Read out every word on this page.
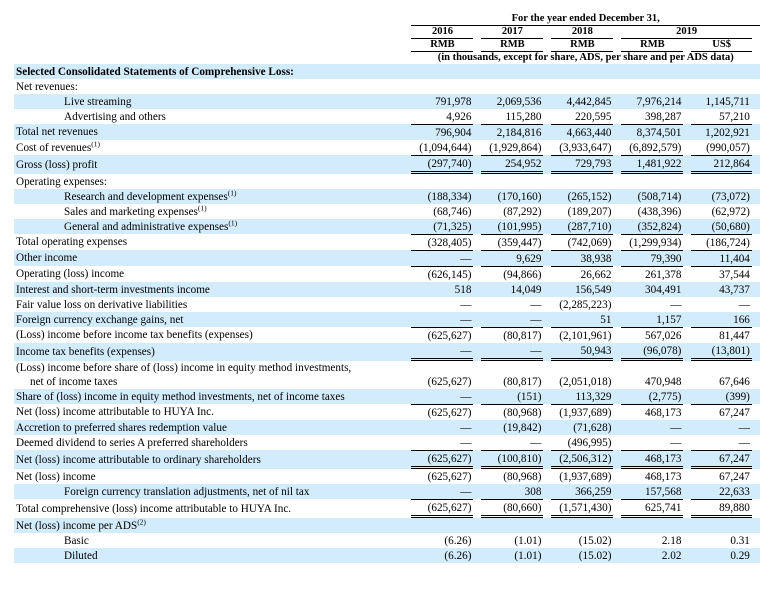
	For the year ended December 31,									
	2016		2017		2018		2019			
	RMB		RMB		RMB		RMB		US$	
	(in thousands, except for share, ADS, per share and per ADS data)									
Selected Consolidated Statements of Comprehensive Loss:										
Net revenues:										
Live streaming	791,978		2,069,536		4,442,845		7,976,214		1,145,711	
Advertising and others	4,926		115,280		220,595		398,287		57,210	
Total net revenues	796,904		2,184,816		4,663,440		8,374,501		1,202,921	
Cost of revenues$^{(1)}$	(1,094,644)		(1,929,864)		(3,933,647)		(6,892,579)		(990,057)	
Gross (loss) profit	(297,740)		254,952		729,793		1,481,922		212,864	
Operating expenses:										
Research and development expenses$^{(1)}$	(188,334)		(170,160)		(265,152)		(508,714)		(73,072)	
Sales and marketing expenses$^{(1)}$	(68,746)		(87,292)		(189,207)		(438,396)		(62,972)	
General and administrative expenses$^{(1)}$	(71,325)		(101,995)		(287,710)		(352,824)		(50,680)	
Total operating expenses	(328,405)		(359,447)		(742,069)		(1,299,934)		(186,724)	
Other income	—		9,629		38,938		79,390		11,404	
Operating (loss) income	(626,145)		(94,866)		26,662		261,378		37,544	
Interest and short-term investments income	518		14,049		156,549		304,491		43,737	
Fair value loss on derivative liabilities	—		—		(2,285,223)		—		—	
Foreign currency exchange gains, net	—		—		51		1,157		166	
(Loss) income before income tax benefits (expenses)	(625,627)		(80,817)		(2,101,961)		567,026		81,447	
Income tax benefits (expenses)	—		—		50,943		(96,078)		(13,801)	
(Loss) income before share of (loss) income in equity method investments,
net of income taxes	(625,627)		(80,817)		(2,051,018)		470,948		67,646	
Share of (loss) income in equity method investments, net of income taxes	—		(151)		113,329		(2,775)		(399)	
Net (loss) income attributable to HUYA Inc.	(625,627)		(80,968)		(1,937,689)		468,173		67,247	
Accretion to preferred shares redemption value	—		(19,842)		(71,628)		—		—	
Deemed dividend to series A preferred shareholders	—		—		(496,995)		—		—	
Net (loss) income attributable to ordinary shareholders	(625,627)		(100,810)		(2,506,312)		468,173		67,247	
Net (loss) income	(625,627)		(80,968)		(1,937,689)		468,173		67,247	
Foreign currency translation adjustments, net of nil tax	—		308		366,259		157,568		22,633	
Total comprehensive (loss) income attributable to HUYA Inc.	(625,627)		(80,660)		(1,571,430)		625,741		89,880	
Net (loss) income per ADS$^{(2)}$										
Basic	(6.26)		(1.01)		(15.02)		2.18		0.31	
Diluted	(6.26)		(1.01)		(15.02)		2.02		0.29	
